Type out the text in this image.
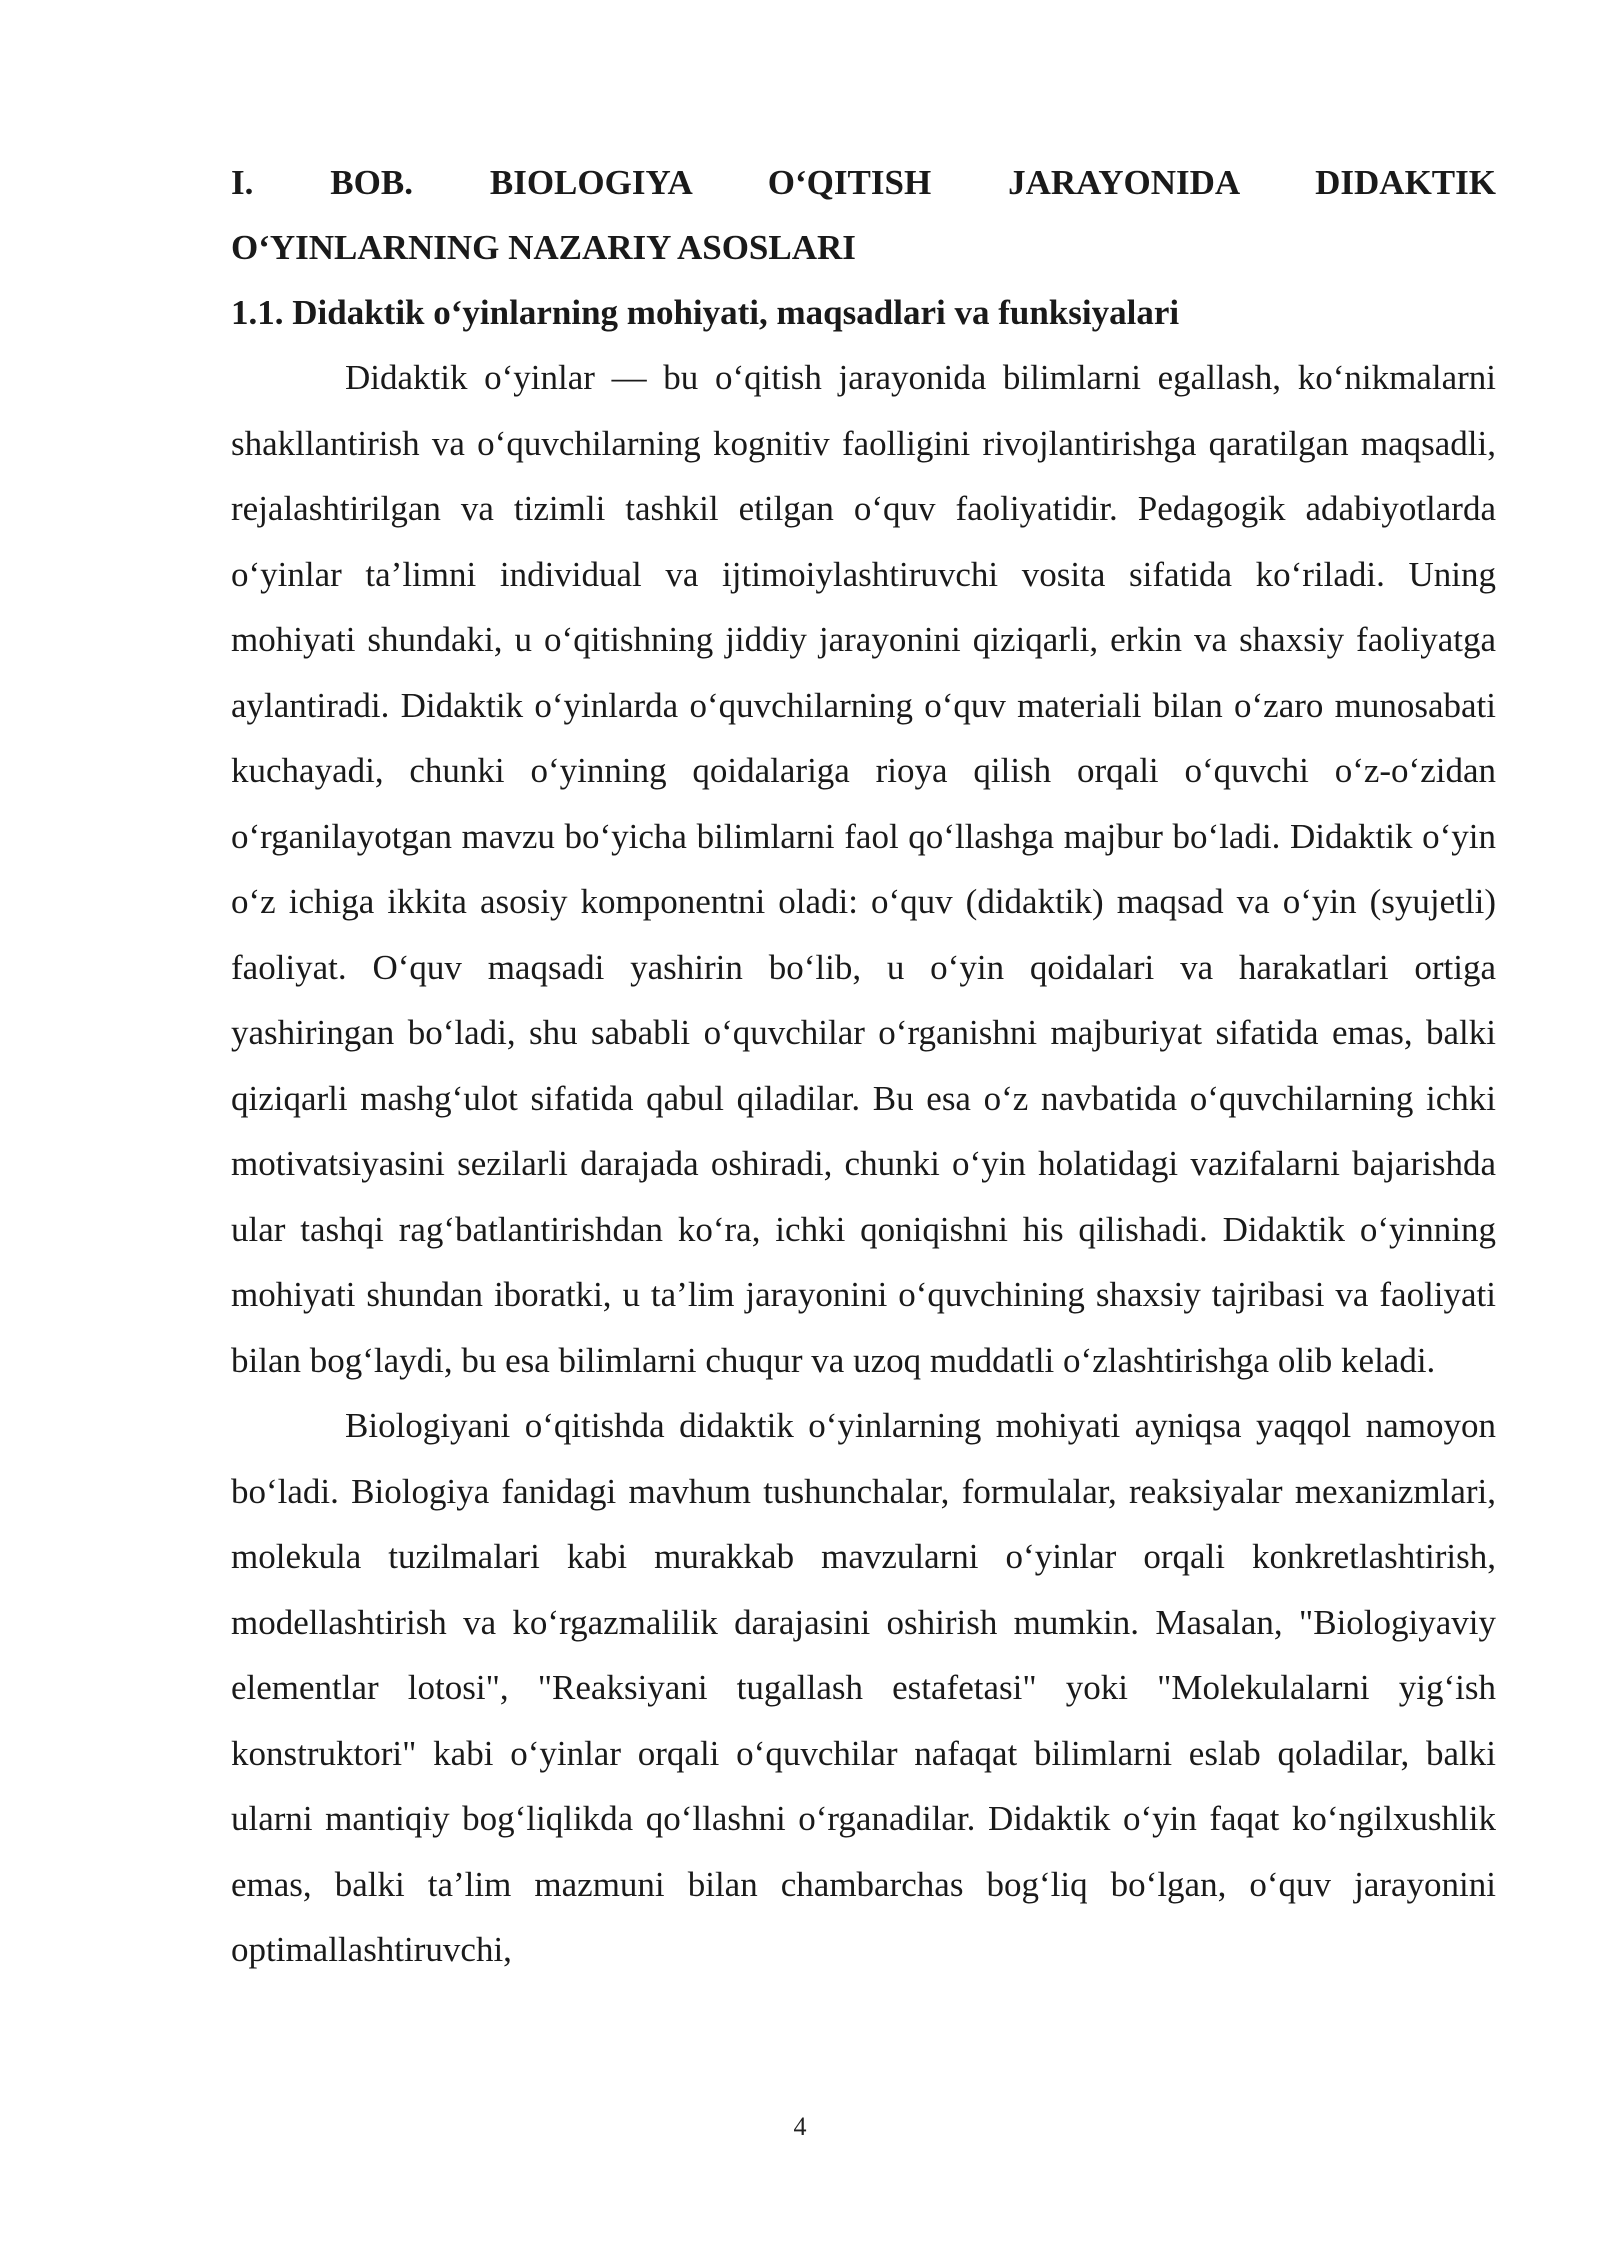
I. BOB. BIOLOGIYA O‘QITISH JARAYONIDA DIDAKTIK
O‘YINLARNING NAZARIY ASOSLARI
1.1. Didaktik o‘yinlarning mohiyati, maqsadlari va funksiyalari

Didaktik o‘yinlar — bu o‘qitish jarayonida bilimlarni egallash, ko‘nikmalarni shakllantirish va o‘quvchilarning kognitiv faolligini rivojlantirishga qaratilgan maqsadli, rejalashtirilgan va tizimli tashkil etilgan o‘quv faoliyatidir. Pedagogik adabiyotlarda o‘yinlar ta’limni individual va ijtimoiylashtiruvchi vosita sifatida ko‘riladi. Uning mohiyati shundaki, u o‘qitishning jiddiy jarayonini qiziqarli, erkin va shaxsiy faoliyatga aylantiradi. Didaktik o‘yinlarda o‘quvchilarning o‘quv materiali bilan o‘zaro munosabati kuchayadi, chunki o‘yinning qoidalariga rioya qilish orqali o‘quvchi o‘z-o‘zidan o‘rganilayotgan mavzu bo‘yicha bilimlarni faol qo‘llashga majbur bo‘ladi. Didaktik o‘yin o‘z ichiga ikkita asosiy komponentni oladi: o‘quv (didaktik) maqsad va o‘yin (syujetli) faoliyat. O‘quv maqsadi yashirin bo‘lib, u o‘yin qoidalari va harakatlari ortiga yashiringan bo‘ladi, shu sababli o‘quvchilar o‘rganishni majburiyat sifatida emas, balki qiziqarli mashg‘ulot sifatida qabul qiladilar. Bu esa o‘z navbatida o‘quvchilarning ichki motivatsiyasini sezilarli darajada oshiradi, chunki o‘yin holatidagi vazifalarni bajarishda ular tashqi rag‘batlantirishdan ko‘ra, ichki qoniqishni his qilishadi. Didaktik o‘yinning mohiyati shundan iboratki, u ta’lim jarayonini o‘quvchining shaxsiy tajribasi va faoliyati bilan bog‘laydi, bu esa bilimlarni chuqur va uzoq muddatli o‘zlashtirishga olib keladi.

Biologiyani o‘qitishda didaktik o‘yinlarning mohiyati ayniqsa yaqqol namoyon bo‘ladi. Biologiya fanidagi mavhum tushunchalar, formulalar, reaksiyalar mexanizmlari, molekula tuzilmalari kabi murakkab mavzularni o‘yinlar orqali konkretlashtirish, modellashtirish va ko‘rgazmalilik darajasini oshirish mumkin. Masalan, "Biologiyaviy elementlar lotosi", "Reaksiyani tugallash estafetasi" yoki "Molekulalarni yig‘ish konstruktori" kabi o‘yinlar orqali o‘quvchilar nafaqat bilimlarni eslab qoladilar, balki ularni mantiqiy bog‘liqlikda qo‘llashni o‘rganadilar. Didaktik o‘yin faqat ko‘ngilxushlik emas, balki ta’lim mazmuni bilan chambarchas bog‘liq bo‘lgan, o‘quv jarayonini optimallashtiruvchi,

4
